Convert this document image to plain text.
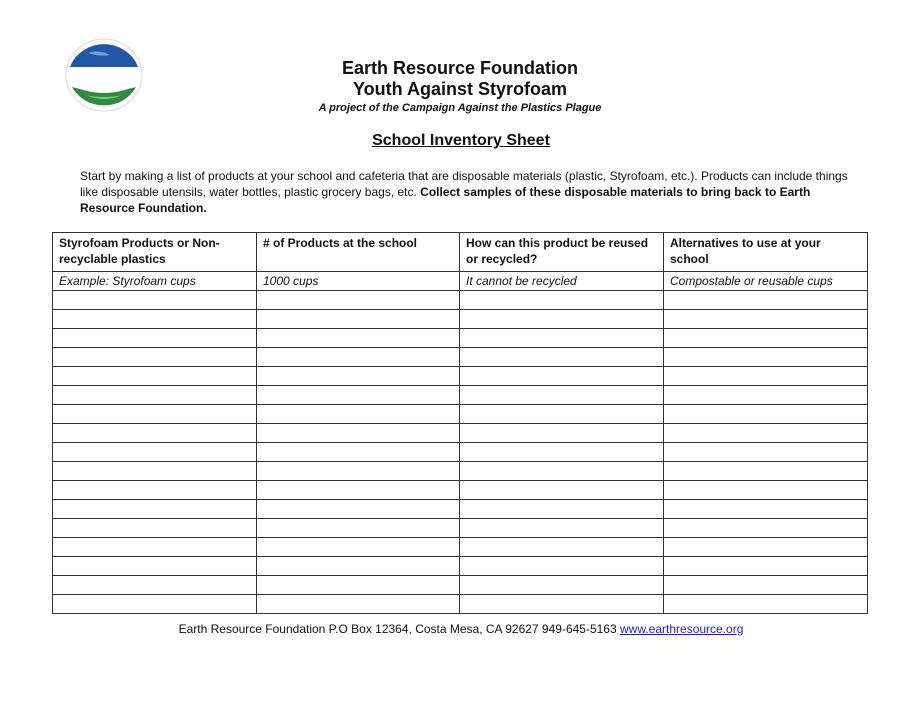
Earth Resource Foundation
Youth Against Styrofoam
A project of the Campaign Against the Plastics Plague
School Inventory Sheet
Start by making a list of products at your school and cafeteria that are disposable materials (plastic, Styrofoam, etc.). Products can include things like disposable utensils, water bottles, plastic grocery bags, etc. Collect samples of these disposable materials to bring back to Earth Resource Foundation.
Styrofoam Products or Non-recyclable plastics	# of Products at the school	How can this product be reused or recycled?	Alternatives to use at your school
Example: Styrofoam cups	1000 cups	It cannot be recycled	Compostable or reusable cups

Earth Resource Foundation P.O Box 12364, Costa Mesa, CA 92627 949-645-5163 www.earthresource.org
